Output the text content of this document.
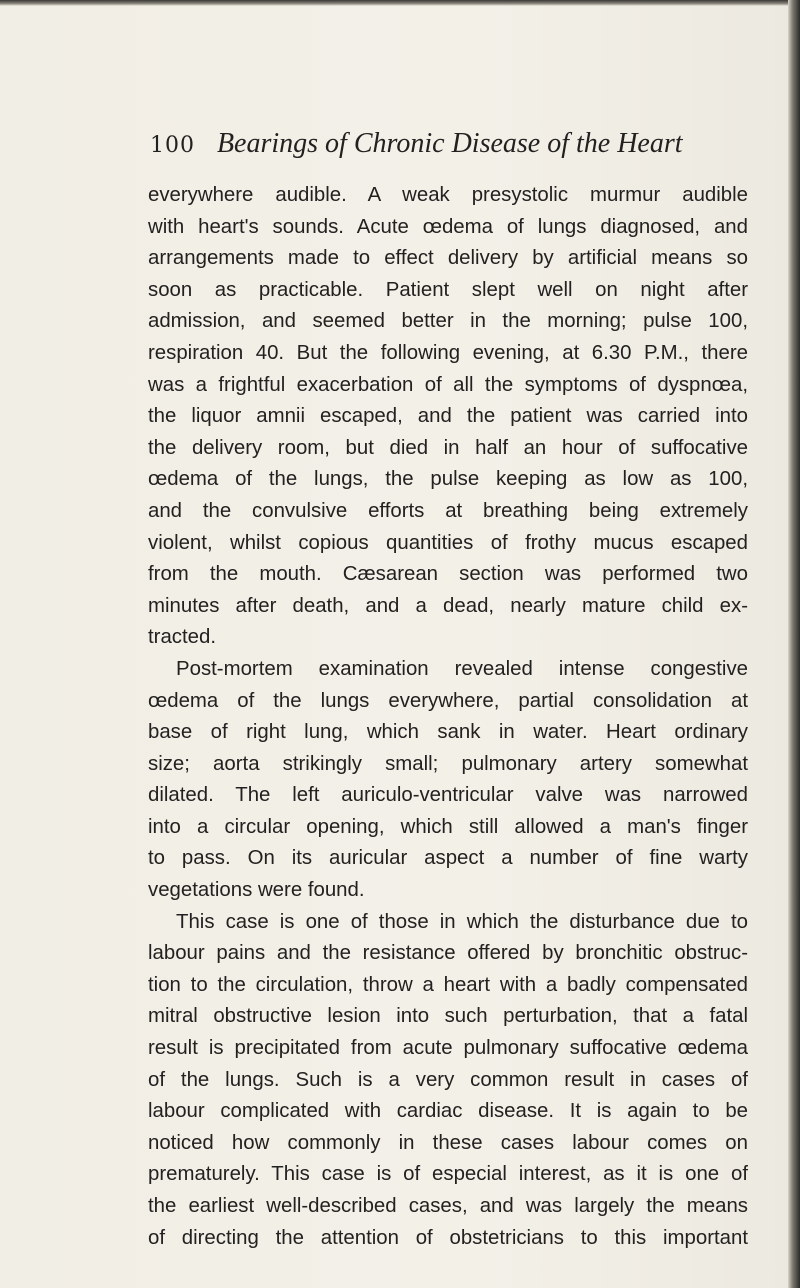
100 Bearings of Chronic Disease of the Heart
everywhere audible. A weak presystolic murmur audible
with heart's sounds. Acute œdema of lungs diagnosed, and
arrangements made to effect delivery by artificial means so
soon as practicable. Patient slept well on night after
admission, and seemed better in the morning; pulse 100,
respiration 40. But the following evening, at 6.30 P.M., there
was a frightful exacerbation of all the symptoms of dyspnœa,
the liquor amnii escaped, and the patient was carried into
the delivery room, but died in half an hour of suffocative
œdema of the lungs, the pulse keeping as low as 100,
and the convulsive efforts at breathing being extremely
violent, whilst copious quantities of frothy mucus escaped
from the mouth. Cæsarean section was performed two
minutes after death, and a dead, nearly mature child ex-
tracted.
Post-mortem examination revealed intense congestive
œdema of the lungs everywhere, partial consolidation at
base of right lung, which sank in water. Heart ordinary
size; aorta strikingly small; pulmonary artery somewhat
dilated. The left auriculo-ventricular valve was narrowed
into a circular opening, which still allowed a man's finger
to pass. On its auricular aspect a number of fine warty
vegetations were found.
This case is one of those in which the disturbance due to
labour pains and the resistance offered by bronchitic obstruc-
tion to the circulation, throw a heart with a badly compensated
mitral obstructive lesion into such perturbation, that a fatal
result is precipitated from acute pulmonary suffocative œdema
of the lungs. Such is a very common result in cases of
labour complicated with cardiac disease. It is again to be
noticed how commonly in these cases labour comes on
prematurely. This case is of especial interest, as it is one of
the earliest well-described cases, and was largely the means
of directing the attention of obstetricians to this important
